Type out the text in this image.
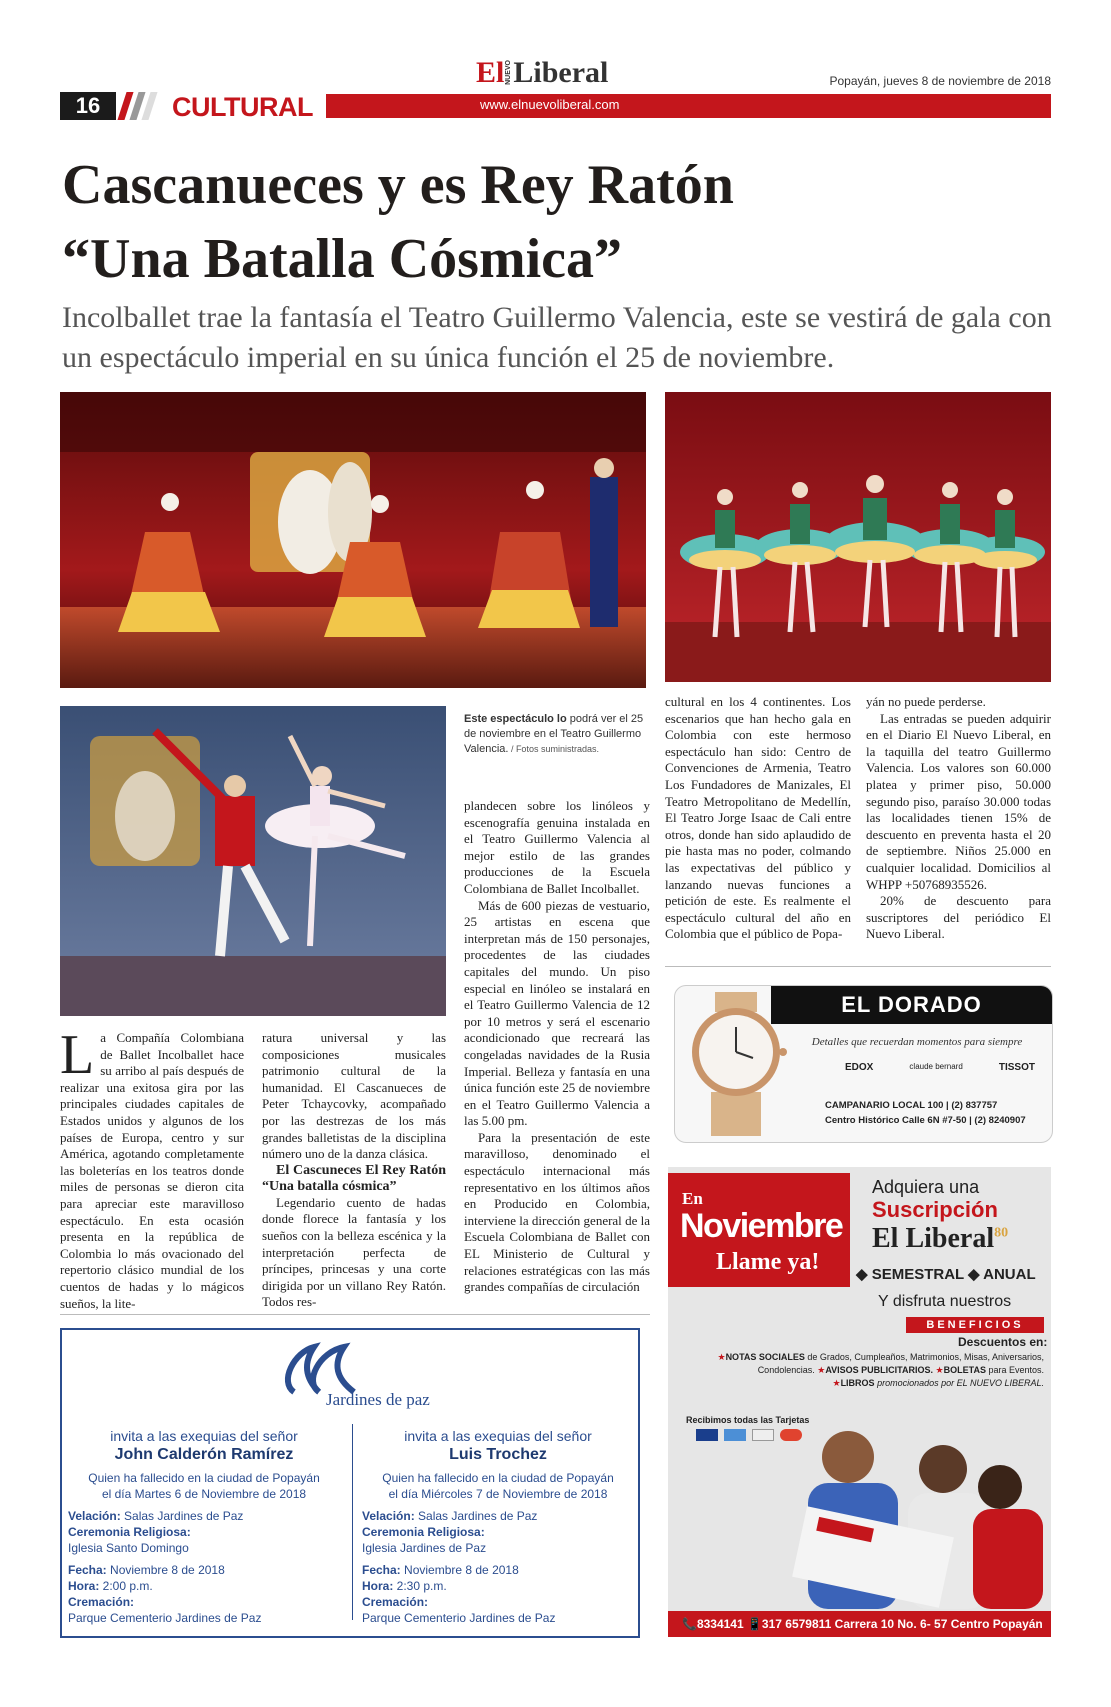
16	CULTURAL	www.elnuevoliberal.com
ElNUEVOLiberal	Popayán, jueves 8 de noviembre de 2018
Cascanueces y es Rey Ratón
“Una Batalla Cósmica”
Incolballet trae la fantasía el Teatro Guillermo Valencia, este se vestirá de gala con un espectáculo imperial en su única función el 25 de noviembre.
Este espectáculo lo podrá ver el 25 de noviembre en el Teatro Guillermo Valencia. / Fotos suministradas.

La Compañía Colombiana de Ballet Incolballet hace su arribo al país después de realizar una exitosa gira por las principales ciudades capitales de Estados unidos y algunos de los países de Europa, centro y sur América, agotando completamente las boleterías en los teatros donde miles de personas se dieron cita para apreciar este maravilloso espectáculo. En esta ocasión presenta en la república de Colombia lo más ovacionado del repertorio clásico mundial de los cuentos de hadas y lo mágicos sueños, la lite-

ratura universal y las composiciones musicales patrimonio cultural de la humanidad. El Cascanueces de Peter Tchaycovky, acompañado por las destrezas de los más grandes balletistas de la disciplina número uno de la danza clásica.

El Cascuneces El Rey Ratón “Una batalla cósmica”

Legendario cuento de hadas donde florece la fantasía y los sueños con la belleza escénica y la interpretación perfecta de príncipes, princesas y una corte dirigida por un villano Rey Ratón. Todos res-

plandecen sobre los linóleos y escenografía genuina instalada en el Teatro Guillermo Valencia al mejor estilo de las grandes producciones de la Escuela Colombiana de Ballet Incolballet.

Más de 600 piezas de vestuario, 25 artistas en escena que interpretan más de 150 personajes, procedentes de las ciudades capitales del mundo. Un piso especial en linóleo se instalará en el Teatro Guillermo Valencia de 12 por 10 metros y será el escenario acondicionado que recreará las congeladas navidades de la Rusia Imperial. Belleza y fantasía en una única función este 25 de noviembre en el Teatro Guillermo Valencia a las 5.00 pm.

Para la presentación de este maravilloso, denominado el espectáculo internacional más representativo en los últimos años en Producido en Colombia, interviene la dirección general de la Escuela Colombiana de Ballet con EL Ministerio de Cultural y relaciones estratégicas con las más grandes compañías de circulación

cultural en los 4 continentes. Los escenarios que han hecho gala en Colombia con este hermoso espectáculo han sido: Centro de Convenciones de Armenia, Teatro Los Fundadores de Manizales, El Teatro Metropolitano de Medellín, El Teatro Jorge Isaac de Cali entre otros, donde han sido aplaudido de pie hasta mas no poder, colmando las expectativas del público y lanzando nuevas funciones a petición de este. Es realmente el espectáculo cultural del año en Colombia que el público de Popa-

yán no puede perderse.

Las entradas se pueden adquirir en el Diario El Nuevo Liberal, en la taquilla del teatro Guillermo Valencia. Los valores son 60.000 platea y primer piso, 50.000 segundo piso, paraíso 30.000 todas las localidades tienen 15% de descuento en preventa hasta el 20 de septiembre. Niños 25.000 en cualquier localidad. Domicilios al WHPP +50768935526.

20% de descuento para suscriptores del periódico El Nuevo Liberal.

EL DORADO
Detalles que recuerdan momentos para siempre
EDOX	claude bernard	TISSOT
CAMPANARIO LOCAL 100 | (2) 837757
Centro Histórico Calle 6N #7-50 | (2) 8240907
En
Noviembre
Llame ya!
Adquiera una
Suscripción
El Liberal$^{80}$
◆ SEMESTRAL ◆ ANUAL
Y disfruta nuestros
BENEFICIOS
Descuentos en:
★NOTAS SOCIALES de Grados, Cumpleaños, Matrimonios, Misas, Aniversarios, Condolencias. ★AVISOS PUBLICITARIOS. ★BOLETAS para Eventos.
★LIBROS promocionados por EL NUEVO LIBERAL.
Recibimos todas las Tarjetas
📞8334141 📱317 6579811 Carrera 10 No. 6- 57 Centro Popayán
Jardines de paz
invita a las exequias del señor
John Calderón Ramírez
Quien ha fallecido en la ciudad de Popayán
el día Martes 6 de Noviembre de 2018
Velación: Salas Jardines de Paz
Ceremonia Religiosa:
Iglesia Santo Domingo
Fecha: Noviembre 8 de 2018
Hora: 2:00 p.m.
Cremación:
Parque Cementerio Jardines de Paz
invita a las exequias del señor
Luis Trochez
Quien ha fallecido en la ciudad de Popayán
el día Miércoles 7 de Noviembre de 2018
Velación: Salas Jardines de Paz
Ceremonia Religiosa:
Iglesia Jardines de Paz
Fecha: Noviembre 8 de 2018
Hora: 2:30 p.m.
Cremación:
Parque Cementerio Jardines de Paz
